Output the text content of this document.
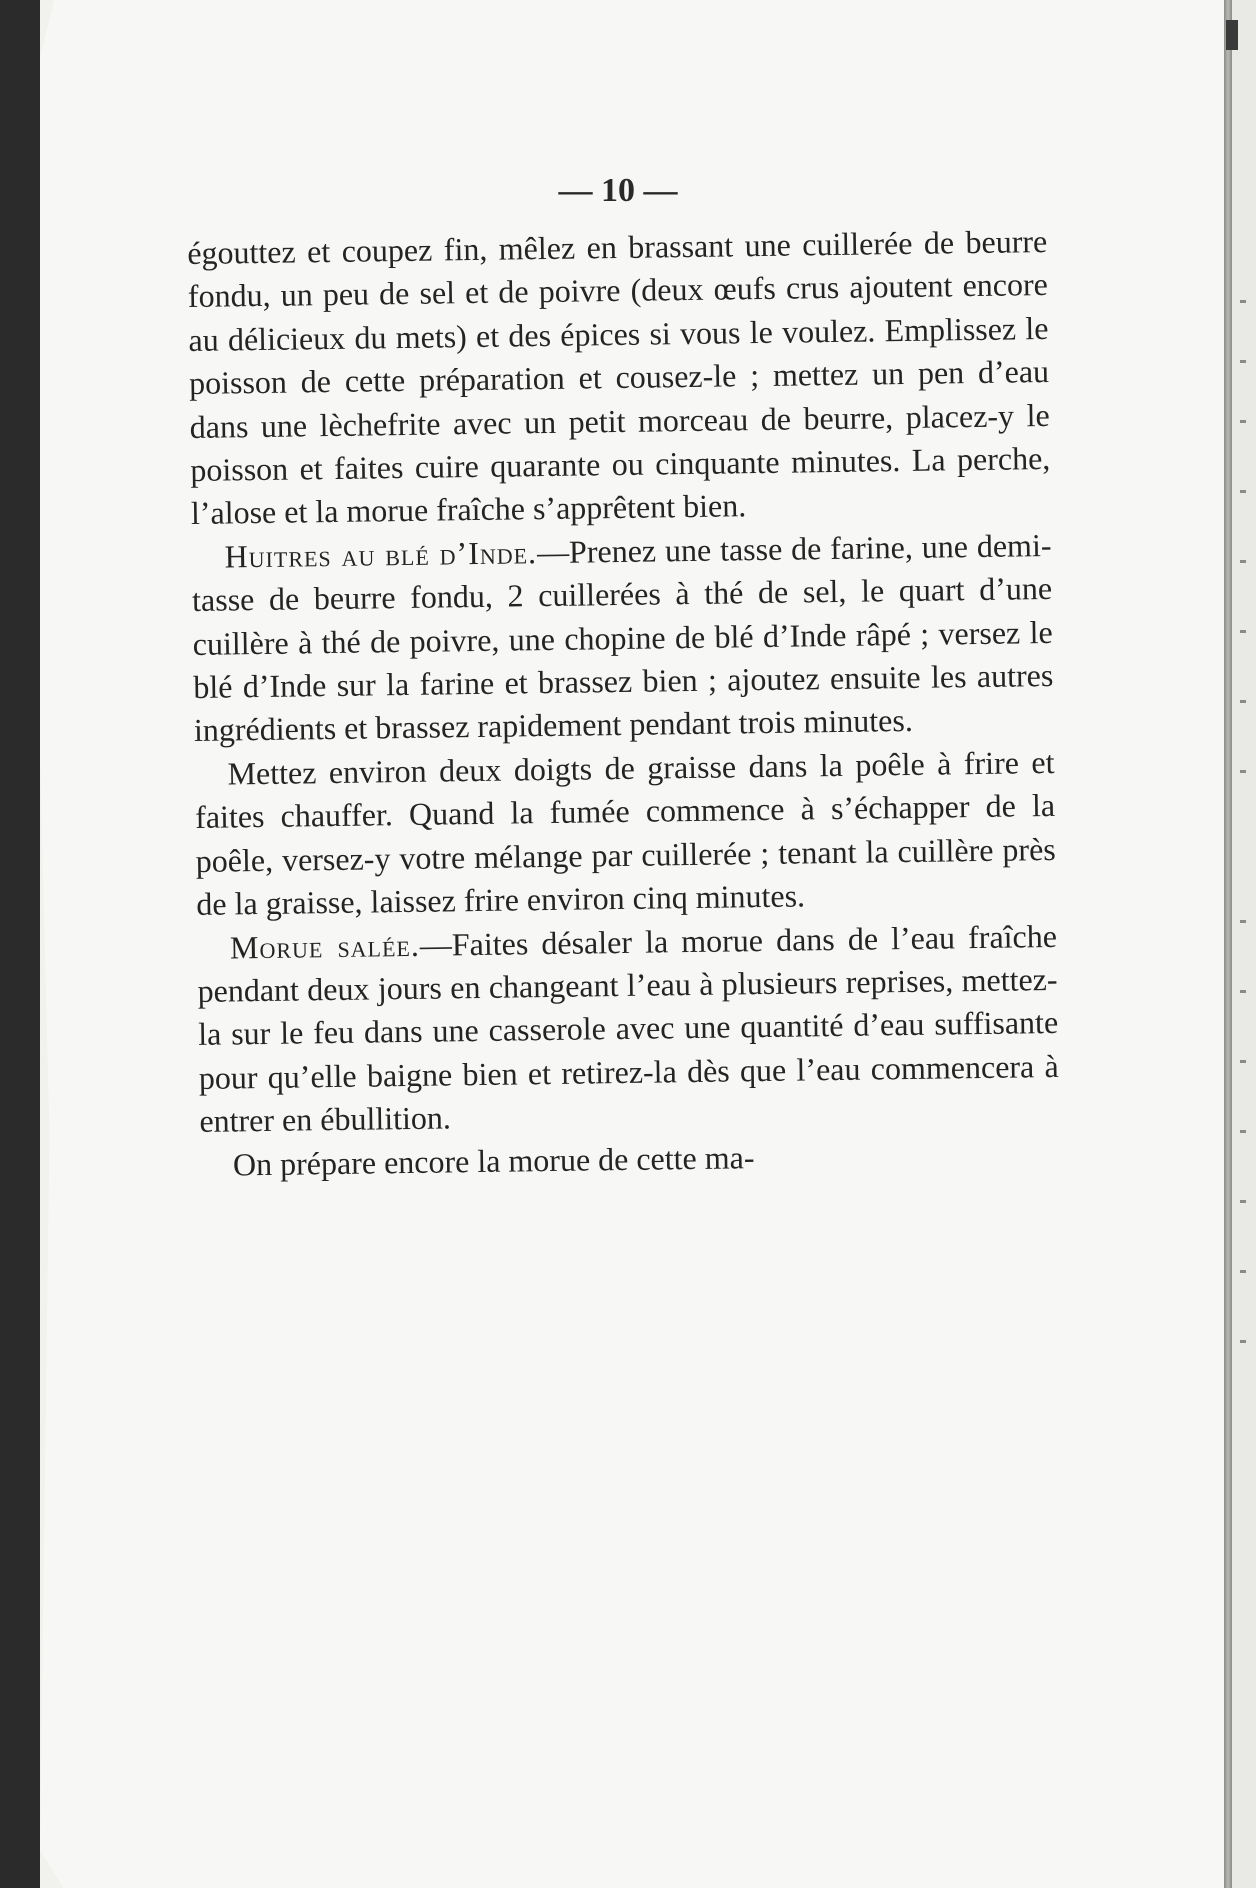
— 10 —

égouttez et coupez fin, mêlez en brassant une cuillerée de beurre fondu, un peu de sel et de poivre (deux œufs crus ajoutent encore au délicieux du mets) et des épices si vous le voulez. Emplissez le poisson de cette préparation et cousez-le ; mettez un pen d’eau dans une lèchefrite avec un petit morceau de beurre, placez-y le poisson et faites cuire quarante ou cinquante minutes. La perche, l’alose et la morue fraîche s’apprêtent bien.

Huitres au blé d’Inde.—Prenez une tasse de farine, une demi-tasse de beurre fondu, 2 cuillerées à thé de sel, le quart d’une cuillère à thé de poivre, une chopine de blé d’Inde râpé ; versez le blé d’Inde sur la farine et brassez bien ; ajoutez ensuite les autres ingrédients et brassez rapidement pendant trois minutes.

Mettez environ deux doigts de graisse dans la poêle à frire et faites chauffer. Quand la fumée commence à s’échapper de la poêle, versez-y votre mélange par cuillerée ; tenant la cuillère près de la graisse, laissez frire environ cinq minutes.

Morue salée.—Faites désaler la morue dans de l’eau fraîche pendant deux jours en changeant l’eau à plusieurs reprises, mettez-la sur le feu dans une casserole avec une quantité d’eau suffisante pour qu’elle baigne bien et retirez-la dès que l’eau commencera à entrer en ébullition.

On prépare encore la morue de cette ma-
